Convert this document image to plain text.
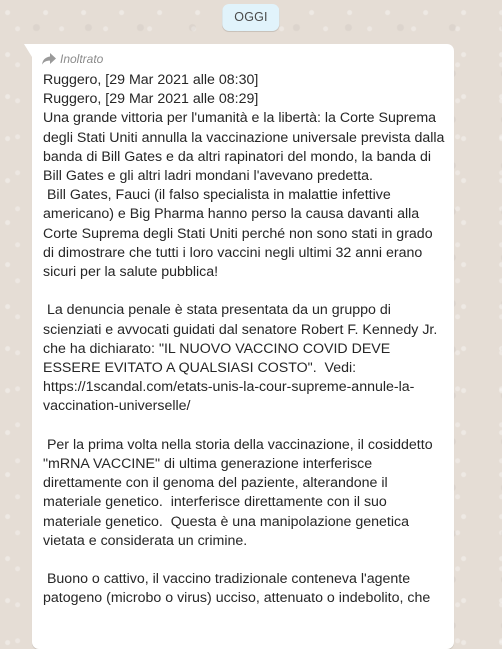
OGGI
Inoltrato
Ruggero, [29 Mar 2021 alle 08:30]
Ruggero, [29 Mar 2021 alle 08:29]
Una grande vittoria per l'umanità e la libertà: la Corte Suprema degli Stati Uniti annulla la vaccinazione universale prevista dalla banda di Bill Gates e da altri rapinatori del mondo, la banda di Bill Gates e gli altri ladri mondani l'avevano predetta.
Bill Gates, Fauci (il falso specialista in malattie infettive americano) e Big Pharma hanno perso la causa davanti alla Corte Suprema degli Stati Uniti perché non sono stati in grado di dimostrare che tutti i loro vaccini negli ultimi 32 anni erano sicuri per la salute pubblica!

La denuncia penale è stata presentata da un gruppo di scienziati e avvocati guidati dal senatore Robert F. Kennedy Jr. che ha dichiarato: "IL NUOVO VACCINO COVID DEVE ESSERE EVITATO A QUALSIASI COSTO".  Vedi: https://1scandal.com/etats-unis-la-cour-supreme-annule-la-vaccination-universelle/

Per la prima volta nella storia della vaccinazione, il cosiddetto "mRNA VACCINE" di ultima generazione interferisce direttamente con il genoma del paziente, alterandone il materiale genetico.  interferisce direttamente con il suo materiale genetico.  Questa è una manipolazione genetica vietata e considerata un crimine.

Buono o cattivo, il vaccino tradizionale conteneva l'agente patogeno (microbo o virus) ucciso, attenuato o indebolito, che
